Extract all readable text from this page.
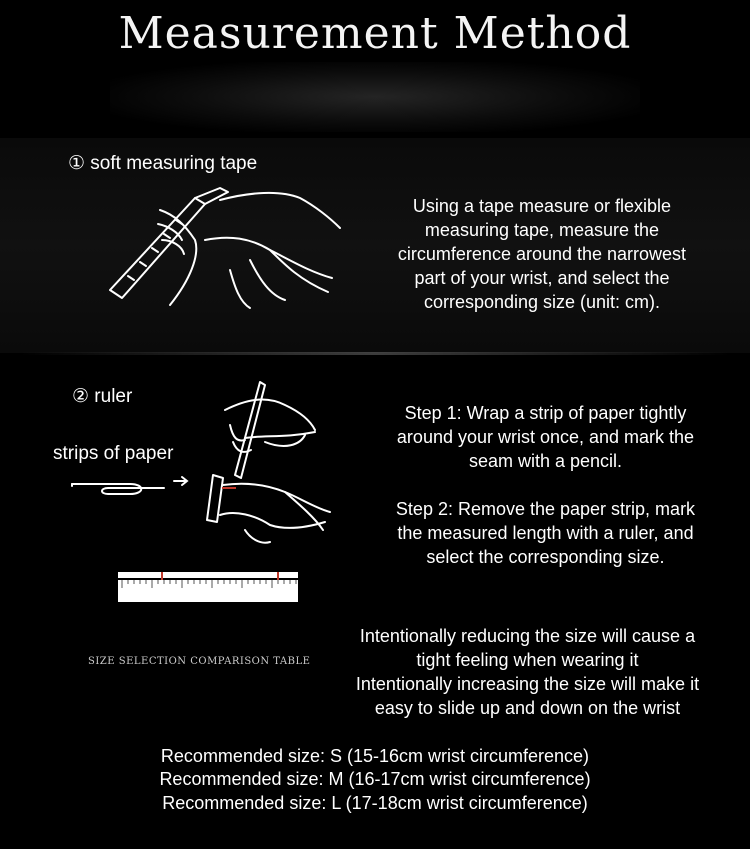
Measurement Method
① soft measuring tape
Using a tape measure or flexible
measuring tape, measure the
circumference around the narrowest
part of your wrist, and select the
corresponding size (unit: cm).
② ruler
strips of paper
Step 1: Wrap a strip of paper tightly
around your wrist once, and mark the
seam with a pencil.
Step 2: Remove the paper strip, mark
the measured length with a ruler, and
select the corresponding size.
SIZE SELECTION COMPARISON TABLE
Intentionally reducing the size will cause a
tight feeling when wearing it
Intentionally increasing the size will make it
easy to slide up and down on the wrist
Recommended size: S (15-16cm wrist circumference)
Recommended size: M (16-17cm wrist circumference)
Recommended size: L (17-18cm wrist circumference)
